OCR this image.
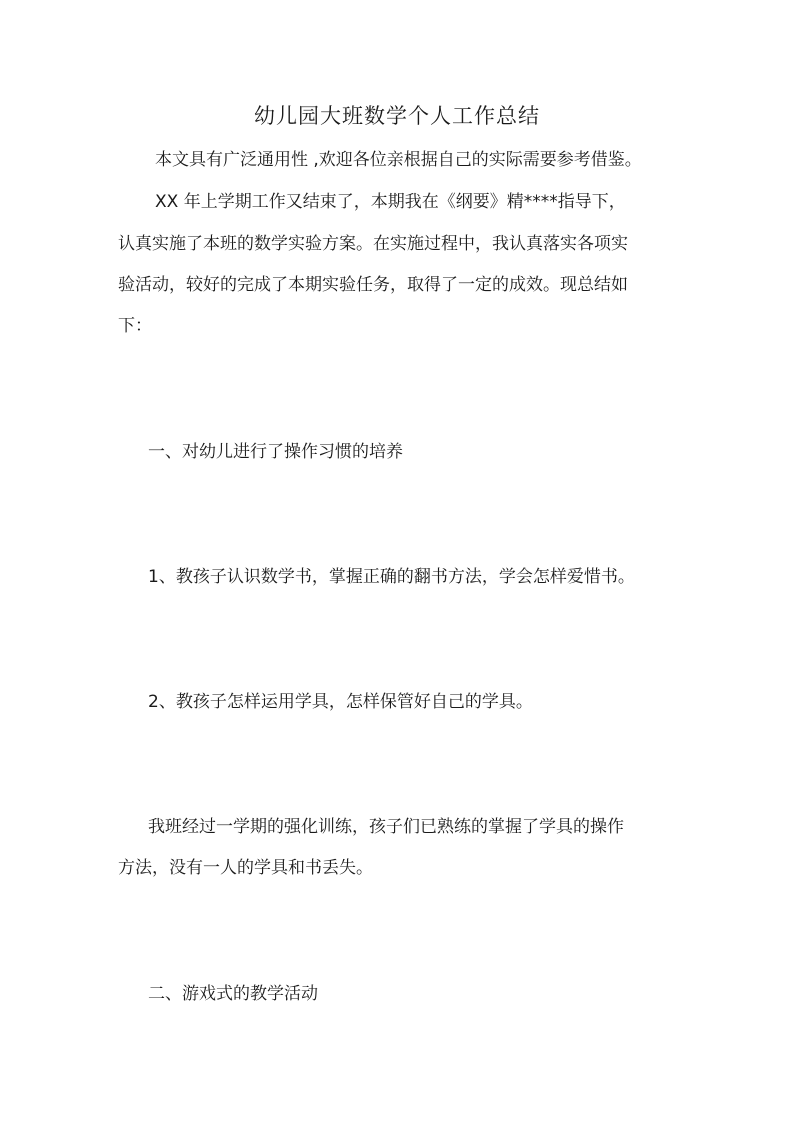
幼儿园大班数学个人工作总结
本文具有广泛通用性 ,欢迎各位亲根据自己的实际需要参考借鉴。
XX 年上学期工作又结束了，本期我在《纲要》精****指导下，
认真实施了本班的数学实验方案。在实施过程中，我认真落实各项实
验活动，较好的完成了本期实验任务，取得了一定的成效。现总结如
下：
一、对幼儿进行了操作习惯的培养
1、教孩子认识数学书，掌握正确的翻书方法，学会怎样爱惜书。
2、教孩子怎样运用学具，怎样保管好自己的学具。
我班经过一学期的强化训练，孩子们已熟练的掌握了学具的操作
方法，没有一人的学具和书丢失。
二、游戏式的教学活动
